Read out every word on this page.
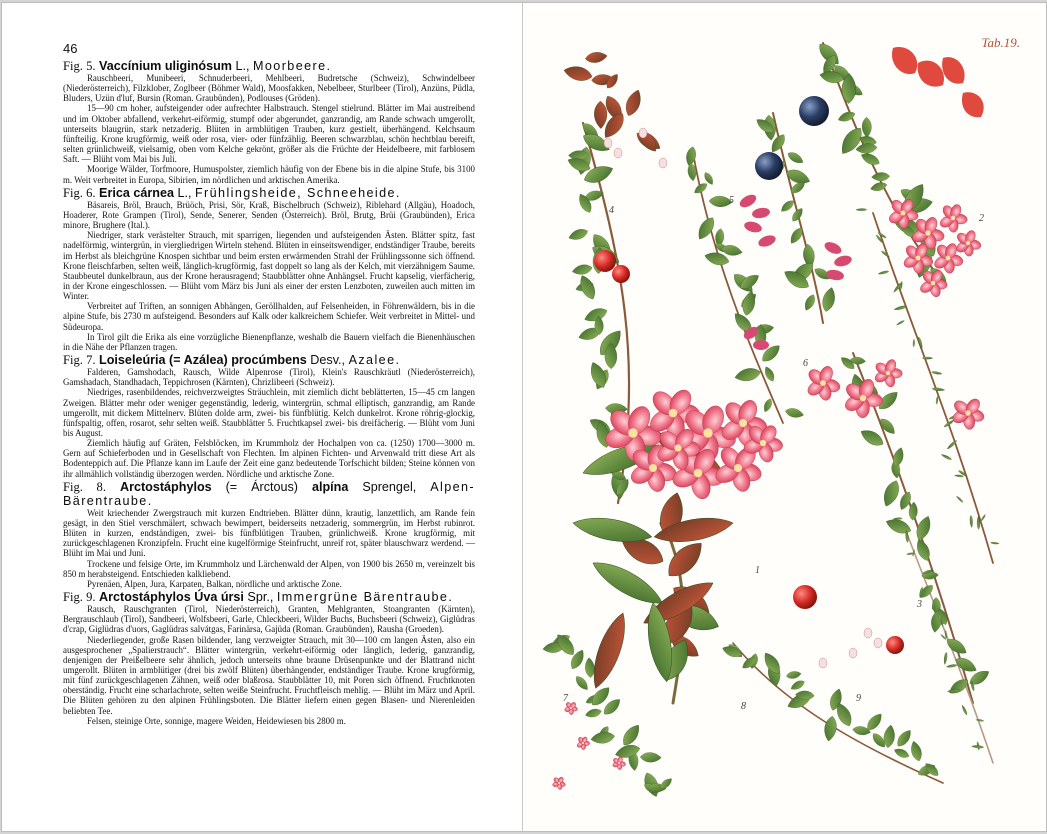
46

Fig. 5. Vaccínium uliginósum L., Moorbeere.

Rauschbeeri, Munibeeri, Schnuderbeeri, Mehlbeeri, Budretsche (Schweiz), Schwindelbeer (Niederösterreich), Filzklober, Zoglbeer (Böhmer Wald), Moosfakken, Nebelbeer, Sturlbeer (Tirol), Anzüns, Püdla, Bluders, Uzün d'luf, Bursin (Roman. Graubünden), Podlouses (Gröden).

15—90 cm hoher, aufsteigender oder aufrechter Halbstrauch. Stengel stielrund. Blätter im Mai austreibend und im Oktober abfallend, verkehrt-eiförmig, stumpf oder abgerundet, ganzrandig, am Rande schwach umgerollt, unterseits blaugrün, stark netzaderig. Blüten in armblütigen Trauben, kurz gestielt, überhängend. Kelchsaum fünfteilig. Krone krugförmig, weiß oder rosa, vier- oder fünfzählig. Beeren schwarzblau, schön hechtblau bereift, selten grünlichweiß, vielsamig, oben vom Kelche gekrönt, größer als die Früchte der Heidelbeere, mit farblosem Saft. — Blüht vom Mai bis Juli.

Moorige Wälder, Torfmoore, Humuspolster, ziemlich häufig von der Ebene bis in die alpine Stufe, bis 3100 m. Weit verbreitet in Europa, Sibirien, im nördlichen und arktischen Amerika.

Fig. 6. Erica cárnea L., Frühlingsheide, Schneeheide.

Bäsareis, Bröl, Brauch, Brüöch, Prisi, Sör, Kraß, Bischelbruch (Schweiz), Riblehard (Allgäu), Hoadoch, Hoaderer, Rote Grampen (Tirol), Sende, Senerer, Senden (Österreich). Bröl, Brutg, Brüi (Graubünden), Erica minore, Brughere (Ital.).

Niedriger, stark verästelter Strauch, mit sparrigen, liegenden und aufsteigenden Ästen. Blätter spitz, fast nadelförmig, wintergrün, in viergliedrigen Wirteln stehend. Blüten in einseitswendiger, endständiger Traube, bereits im Herbst als bleichgrüne Knospen sichtbar und beim ersten erwärmenden Strahl der Frühlingssonne sich öffnend. Krone fleischfarben, selten weiß, länglich-krugförmig, fast doppelt so lang als der Kelch, mit vierzähnigem Saume. Staubbeutel dunkelbraun, aus der Krone herausragend; Staubblätter ohne Anhängsel. Frucht kapselig, vierfächerig, in der Krone eingeschlossen. — Blüht vom März bis Juni als einer der ersten Lenzboten, zuweilen auch mitten im Winter.

Verbreitet auf Triften, an sonnigen Abhängen, Geröllhalden, auf Felsenheiden, in Föhrenwäldern, bis in die alpine Stufe, bis 2730 m aufsteigend. Besonders auf Kalk oder kalkreichem Schiefer. Weit verbreitet in Mittel- und Südeuropa.

In Tirol gilt die Erika als eine vorzügliche Bienenpflanze, weshalb die Bauern vielfach die Bienenhäuschen in die Nähe der Pflanzen tragen.

Fig. 7. Loiseleúria (= Azálea) procúmbens Desv., Azalee.

Falderen, Gamshodach, Rausch, Wilde Alpenrose (Tirol), Klein's Rauschkräutl (Niederösterreich), Gamshadach, Standhadach, Teppichrosen (Kärnten), Chrizlibeeri (Schweiz).

Niedriges, rasenbildendes, reichverzweigtes Sträuchlein, mit ziemlich dicht beblätterten, 15—45 cm langen Zweigen. Blätter mehr oder weniger gegenständig, lederig, wintergrün, schmal elliptisch, ganzrandig, am Rande umgerollt, mit dickem Mittelnerv. Blüten dolde arm, zwei- bis fünfblütig. Kelch dunkelrot. Krone röhrig-glockig, fünfspaltig, offen, rosarot, sehr selten weiß. Staubblätter 5. Fruchtkapsel zwei- bis dreifächerig. — Blüht vom Juni bis August.

Ziemlich häufig auf Gräten, Felsblöcken, im Krummholz der Hochalpen von ca. (1250) 1700—3000 m. Gern auf Schieferboden und in Gesellschaft von Flechten. Im alpinen Fichten- und Arvenwald tritt diese Art als Bodenteppich auf. Die Pflanze kann im Laufe der Zeit eine ganz bedeutende Torfschicht bilden; Steine können von ihr allmählich vollständig überzogen werden. Nördliche und arktische Zone.

Fig. 8. Arctostáphylos (= Árctous) alpína Sprengel, Alpen-Bärentraube.

Weit kriechender Zwergstrauch mit kurzen Endtrieben. Blätter dünn, krautig, lanzettlich, am Rande fein gesägt, in den Stiel verschmälert, schwach bewimpert, beiderseits netzaderig, sommergrün, im Herbst rubinrot. Blüten in kurzen, endständigen, zwei- bis fünfblütigen Trauben, grünlichweiß. Krone krugförmig, mit zurückgeschlagenen Kronzipfeln. Frucht eine kugelförmige Steinfrucht, unreif rot, später blauschwarz werdend. — Blüht im Mai und Juni.

Trockene und felsige Orte, im Krummholz und Lärchenwald der Alpen, von 1900 bis 2650 m, vereinzelt bis 850 m herabsteigend. Entschieden kalkliebend.

Pyrenäen, Alpen, Jura, Karpaten, Balkan, nördliche und arktische Zone.

Fig. 9. Arctostáphylos Úva úrsi Spr., Immergrüne Bärentraube.

Rausch, Rauschgranten (Tirol, Niederösterreich), Granten, Mehlgranten, Stoangranten (Kärnten), Bergrauschlaub (Tirol), Sandbeeri, Wolfsbeeri, Garle, Chleckbeeri, Wilder Buchs, Buchsbeeri (Schweiz), Giglüdras d'crap, Giglüdras d'uors, Gaglüdras salvátgas, Farinärsa, Gajüda (Roman. Graubünden), Rausha (Groeden).

Niederliegender, große Rasen bildender, lang verzweigter Strauch, mit 30—100 cm langen Ästen, also ein ausgesprochener „Spalierstrauch“. Blätter wintergrün, verkehrt-eiförmig oder länglich, lederig, ganzrandig, denjenigen der Preißelbeere sehr ähnlich, jedoch unterseits ohne braune Drüsenpunkte und der Blattrand nicht umgerollt. Blüten in armblütiger (drei bis zwölf Blüten) überhängender, endständiger Traube. Krone krugförmig, mit fünf zurückgeschlagenen Zähnen, weiß oder blaßrosa. Staubblätter 10, mit Poren sich öffnend. Fruchtknoten oberständig. Frucht eine scharlachrote, selten weiße Steinfrucht. Fruchtfleisch mehlig. — Blüht im März und April. Die Blüten gehören zu den alpinen Frühlingsboten. Die Blätter liefern einen gegen Blasen- und Nierenleiden beliebten Tee.

Felsen, steinige Orte, sonnige, magere Weiden, Heidewiesen bis 2800 m.

Tab.19.
1
2
3
4
5
6
7
8
9
